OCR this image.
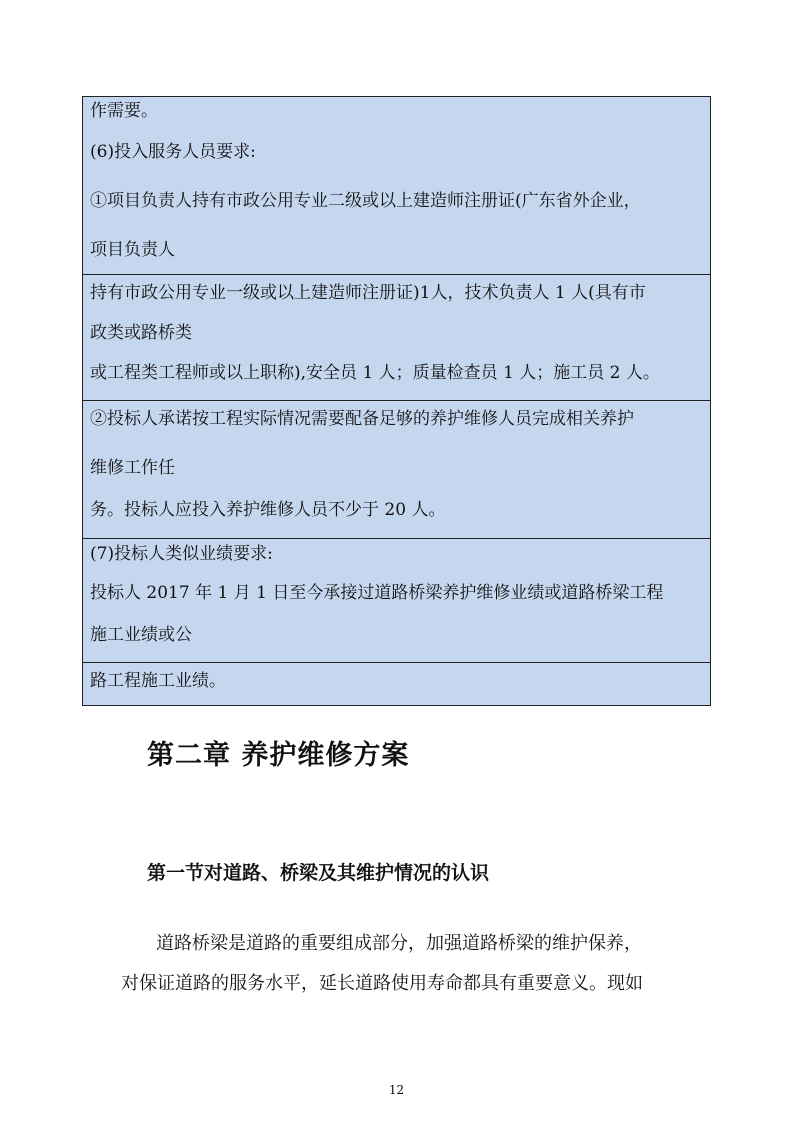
作需要。
(6)投入服务人员要求:
①项目负责人持有市政公用专业二级或以上建造师注册证(广东省外企业，
项目负责人
持有市政公用专业一级或以上建造师注册证)1人，技术负责人 1 人(具有市
政类或路桥类
或工程类工程师或以上职称),安全员 1 人；质量检查员 1 人；施工员 2 人。
②投标人承诺按工程实际情况需要配备足够的养护维修人员完成相关养护
维修工作任
务。投标人应投入养护维修人员不少于 20 人。
(7)投标人类似业绩要求:
投标人 2017 年 1 月 1 日至今承接过道路桥梁养护维修业绩或道路桥梁工程
施工业绩或公
路工程施工业绩。
第二章 养护维修方案
第一节对道路、桥梁及其维护情况的认识
道路桥梁是道路的重要组成部分，加强道路桥梁的维护保养，
对保证道路的服务水平，延长道路使用寿命都具有重要意义。现如
12
